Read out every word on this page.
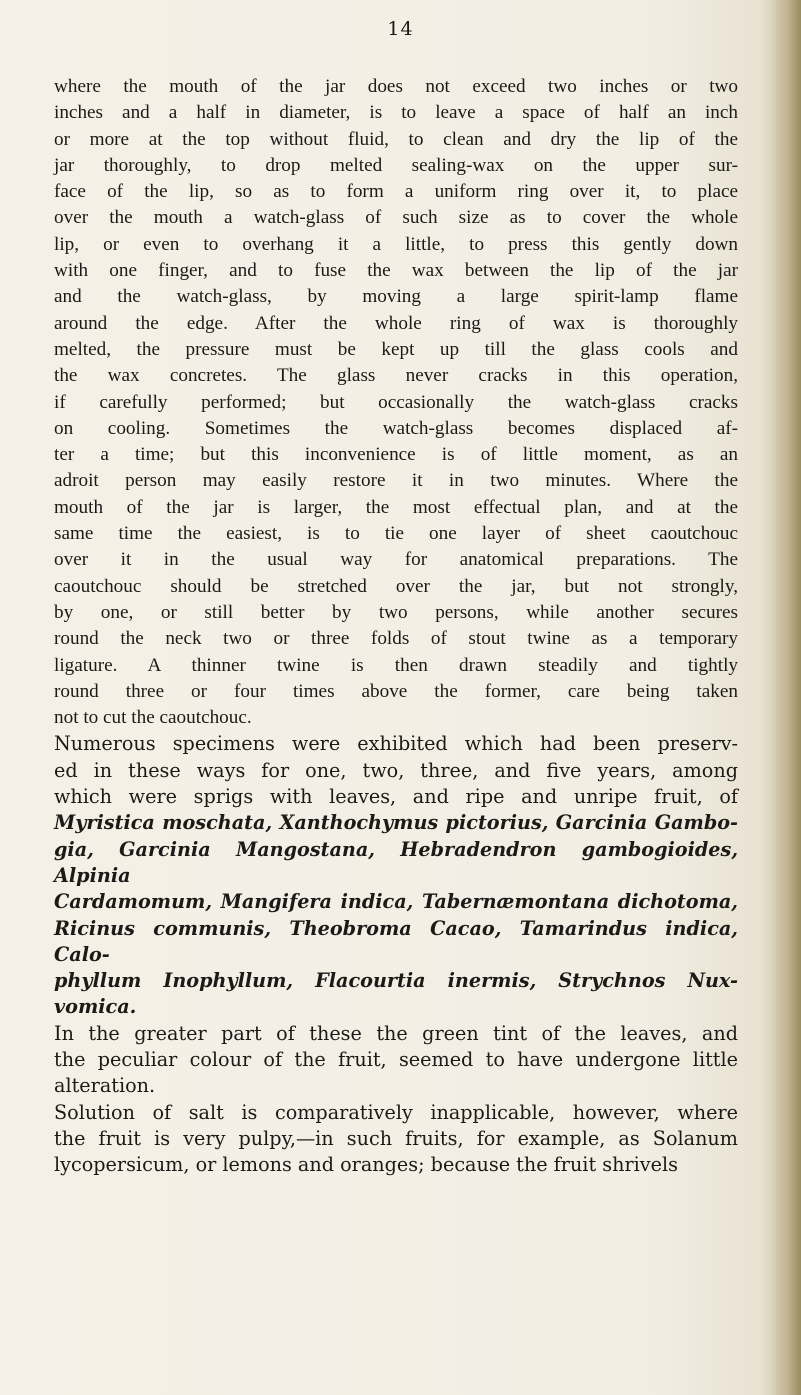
14

where the mouth of the jar does not exceed two inches or two
inches and a half in diameter, is to leave a space of half an inch
or more at the top without fluid, to clean and dry the lip of the
jar thoroughly, to drop melted sealing-wax on the upper sur-
face of the lip, so as to form a uniform ring over it, to place
over the mouth a watch-glass of such size as to cover the whole
lip, or even to overhang it a little, to press this gently down
with one finger, and to fuse the wax between the lip of the jar
and the watch-glass, by moving a large spirit-lamp flame
around the edge. After the whole ring of wax is thoroughly
melted, the pressure must be kept up till the glass cools and
the wax concretes. The glass never cracks in this operation,
if carefully performed; but occasionally the watch-glass cracks
on cooling. Sometimes the watch-glass becomes displaced af-
ter a time; but this inconvenience is of little moment, as an
adroit person may easily restore it in two minutes. Where the
mouth of the jar is larger, the most effectual plan, and at the
same time the easiest, is to tie one layer of sheet caoutchouc
over it in the usual way for anatomical preparations. The
caoutchouc should be stretched over the jar, but not strongly,
by one, or still better by two persons, while another secures
round the neck two or three folds of stout twine as a temporary
ligature. A thinner twine is then drawn steadily and tightly
round three or four times above the former, care being taken
not to cut the caoutchouc.

Numerous specimens were exhibited which had been preserv-
ed in these ways for one, two, three, and five years, among
which were sprigs with leaves, and ripe and unripe fruit, of
Myristica moschata, Xanthochymus pictorius, Garcinia Gambo-
gia, Garcinia Mangostana, Hebradendron gambogioides, Alpinia
Cardamomum, Mangifera indica, Tabernæmontana dichotoma,
Ricinus communis, Theobroma Cacao, Tamarindus indica, Calo-
phyllum Inophyllum, Flacourtia inermis, Strychnos Nux-vomica.
In the greater part of these the green tint of the leaves, and
the peculiar colour of the fruit, seemed to have undergone little
alteration.

Solution of salt is comparatively inapplicable, however, where
the fruit is very pulpy,—in such fruits, for example, as Solanum
lycopersicum, or lemons and oranges; because the fruit shrivels
